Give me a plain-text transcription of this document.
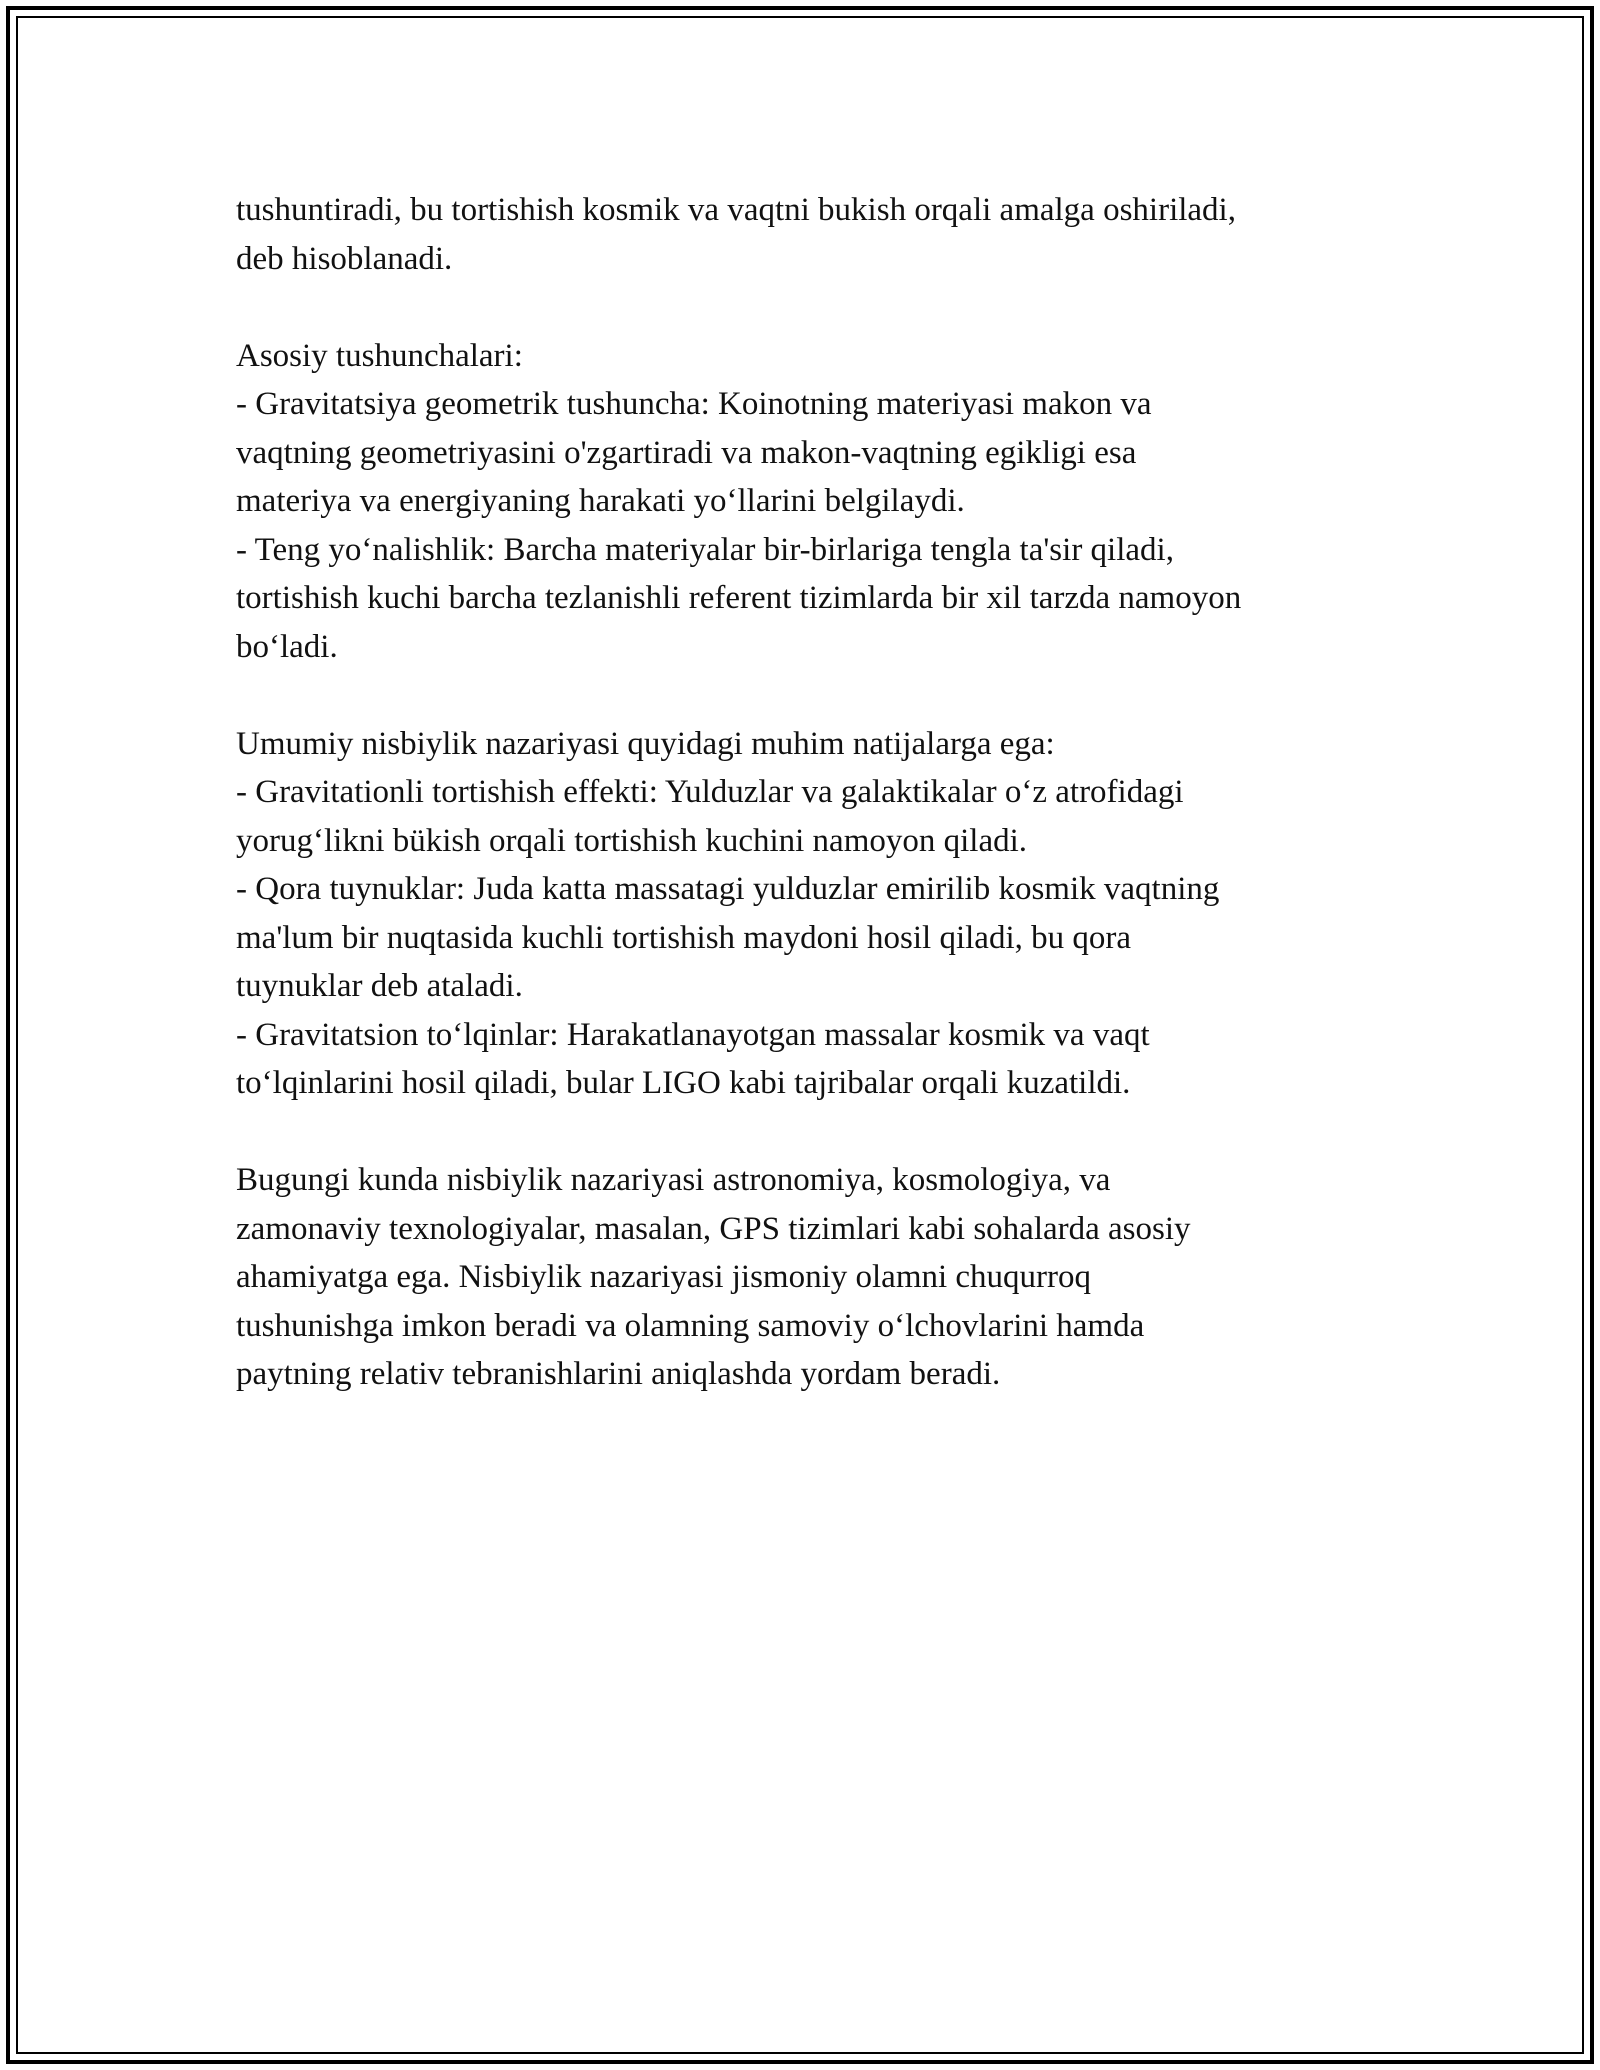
tushuntiradi, bu tortishish kosmik va vaqtni bukish orqali amalga oshiriladi,
deb hisoblanadi.
Asosiy tushunchalari:
- Gravitatsiya geometrik tushuncha: Koinotning materiyasi makon va
vaqtning geometriyasini o'zgartiradi va makon-vaqtning egikligi esa
materiya va energiyaning harakati yo‘llarini belgilaydi.
- Teng yo‘nalishlik: Barcha materiyalar bir-birlariga tengla ta'sir qiladi,
tortishish kuchi barcha tezlanishli referent tizimlarda bir xil tarzda namoyon
bo‘ladi.
Umumiy nisbiylik nazariyasi quyidagi muhim natijalarga ega:
- Gravitationli tortishish effekti: Yulduzlar va galaktikalar o‘z atrofidagi
yorug‘likni bükish orqali tortishish kuchini namoyon qiladi.
- Qora tuynuklar: Juda katta massatagi yulduzlar emirilib kosmik vaqtning
ma'lum bir nuqtasida kuchli tortishish maydoni hosil qiladi, bu qora
tuynuklar deb ataladi.
- Gravitatsion to‘lqinlar: Harakatlanayotgan massalar kosmik va vaqt
to‘lqinlarini hosil qiladi, bular LIGO kabi tajribalar orqali kuzatildi.
Bugungi kunda nisbiylik nazariyasi astronomiya, kosmologiya, va
zamonaviy texnologiyalar, masalan, GPS tizimlari kabi sohalarda asosiy
ahamiyatga ega. Nisbiylik nazariyasi jismoniy olamni chuqurroq
tushunishga imkon beradi va olamning samoviy o‘lchovlarini hamda
paytning relativ tebranishlarini aniqlashda yordam beradi.
